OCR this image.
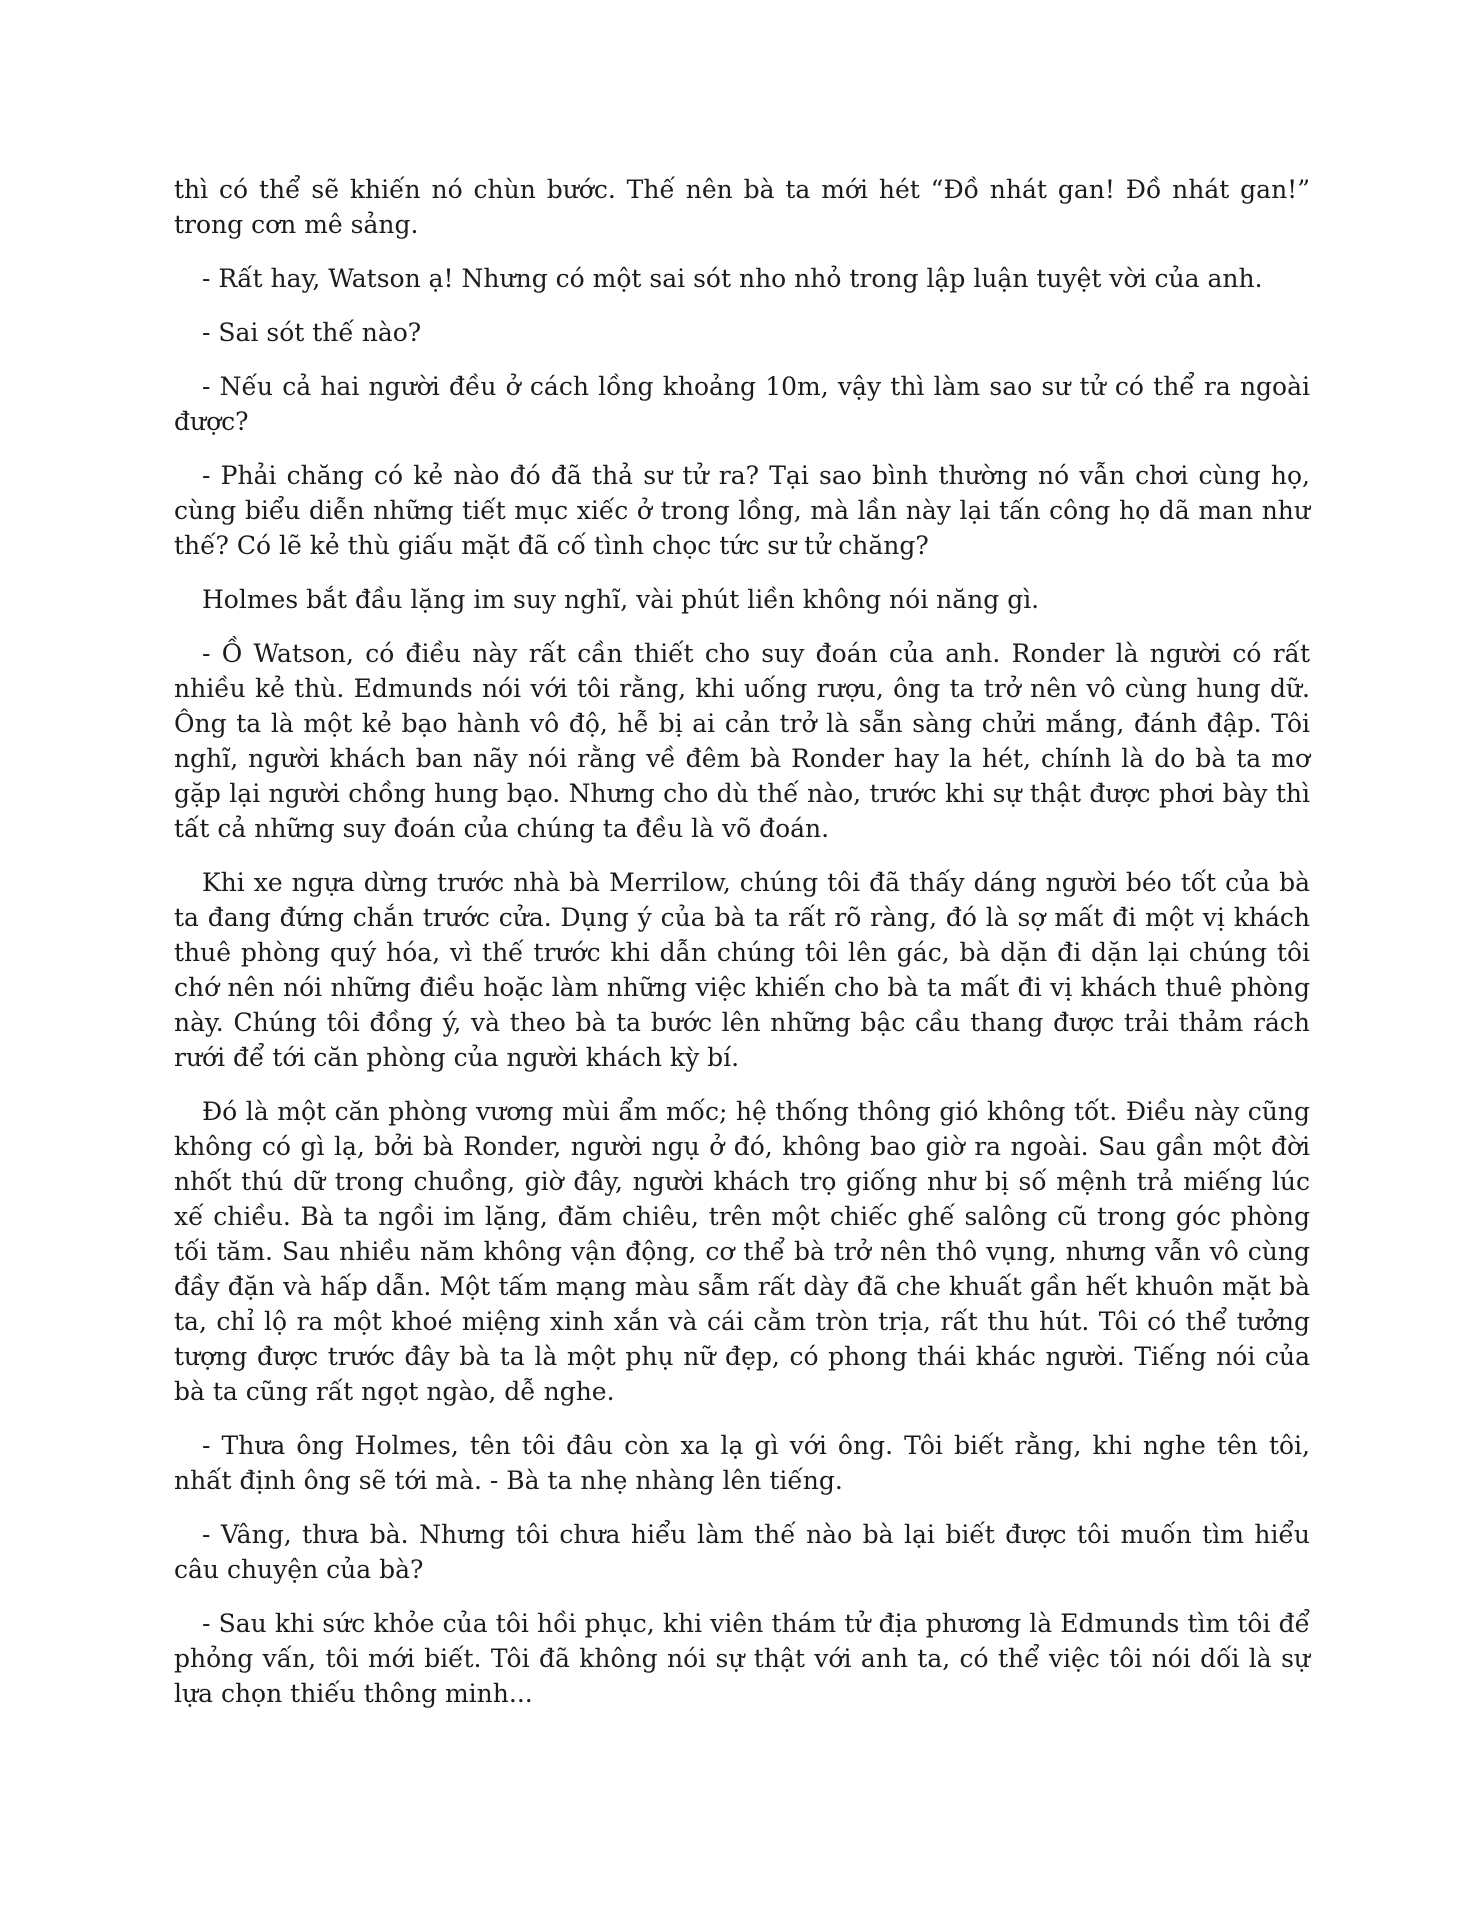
thì có thể sẽ khiến nó chùn bước. Thế nên bà ta mới hét “Đồ nhát gan! Đồ nhát gan!” trong cơn mê sảng.

- Rất hay, Watson ạ! Nhưng có một sai sót nho nhỏ trong lập luận tuyệt vời của anh.

- Sai sót thế nào?

- Nếu cả hai người đều ở cách lồng khoảng 10m, vậy thì làm sao sư tử có thể ra ngoài được?

- Phải chăng có kẻ nào đó đã thả sư tử ra? Tại sao bình thường nó vẫn chơi cùng họ, cùng biểu diễn những tiết mục xiếc ở trong lồng, mà lần này lại tấn công họ dã man như thế? Có lẽ kẻ thù giấu mặt đã cố tình chọc tức sư tử chăng?

Holmes bắt đầu lặng im suy nghĩ, vài phút liền không nói năng gì.

- Ồ Watson, có điều này rất cần thiết cho suy đoán của anh. Ronder là người có rất nhiều kẻ thù. Edmunds nói với tôi rằng, khi uống rượu, ông ta trở nên vô cùng hung dữ. Ông ta là một kẻ bạo hành vô độ, hễ bị ai cản trở là sẵn sàng chửi mắng, đánh đập. Tôi nghĩ, người khách ban nãy nói rằng về đêm bà Ronder hay la hét, chính là do bà ta mơ gặp lại người chồng hung bạo. Nhưng cho dù thế nào, trước khi sự thật được phơi bày thì tất cả những suy đoán của chúng ta đều là võ đoán.

Khi xe ngựa dừng trước nhà bà Merrilow, chúng tôi đã thấy dáng người béo tốt của bà ta đang đứng chắn trước cửa. Dụng ý của bà ta rất rõ ràng, đó là sợ mất đi một vị khách thuê phòng quý hóa, vì thế trước khi dẫn chúng tôi lên gác, bà dặn đi dặn lại chúng tôi chớ nên nói những điều hoặc làm những việc khiến cho bà ta mất đi vị khách thuê phòng này. Chúng tôi đồng ý, và theo bà ta bước lên những bậc cầu thang được trải thảm rách rưới để tới căn phòng của người khách kỳ bí.

Đó là một căn phòng vương mùi ẩm mốc; hệ thống thông gió không tốt. Điều này cũng không có gì lạ, bởi bà Ronder, người ngụ ở đó, không bao giờ ra ngoài. Sau gần một đời nhốt thú dữ trong chuồng, giờ đây, người khách trọ giống như bị số mệnh trả miếng lúc xế chiều. Bà ta ngồi im lặng, đăm chiêu, trên một chiếc ghế salông cũ trong góc phòng tối tăm. Sau nhiều năm không vận động, cơ thể bà trở nên thô vụng, nhưng vẫn vô cùng đầy đặn và hấp dẫn. Một tấm mạng màu sẫm rất dày đã che khuất gần hết khuôn mặt bà ta, chỉ lộ ra một khoé miệng xinh xắn và cái cằm tròn trịa, rất thu hút. Tôi có thể tưởng tượng được trước đây bà ta là một phụ nữ đẹp, có phong thái khác người. Tiếng nói của bà ta cũng rất ngọt ngào, dễ nghe.

- Thưa ông Holmes, tên tôi đâu còn xa lạ gì với ông. Tôi biết rằng, khi nghe tên tôi, nhất định ông sẽ tới mà. - Bà ta nhẹ nhàng lên tiếng.

- Vâng, thưa bà. Nhưng tôi chưa hiểu làm thế nào bà lại biết được tôi muốn tìm hiểu câu chuyện của bà?

- Sau khi sức khỏe của tôi hồi phục, khi viên thám tử địa phương là Edmunds tìm tôi để phỏng vấn, tôi mới biết. Tôi đã không nói sự thật với anh ta, có thể việc tôi nói dối là sự lựa chọn thiếu thông minh...
